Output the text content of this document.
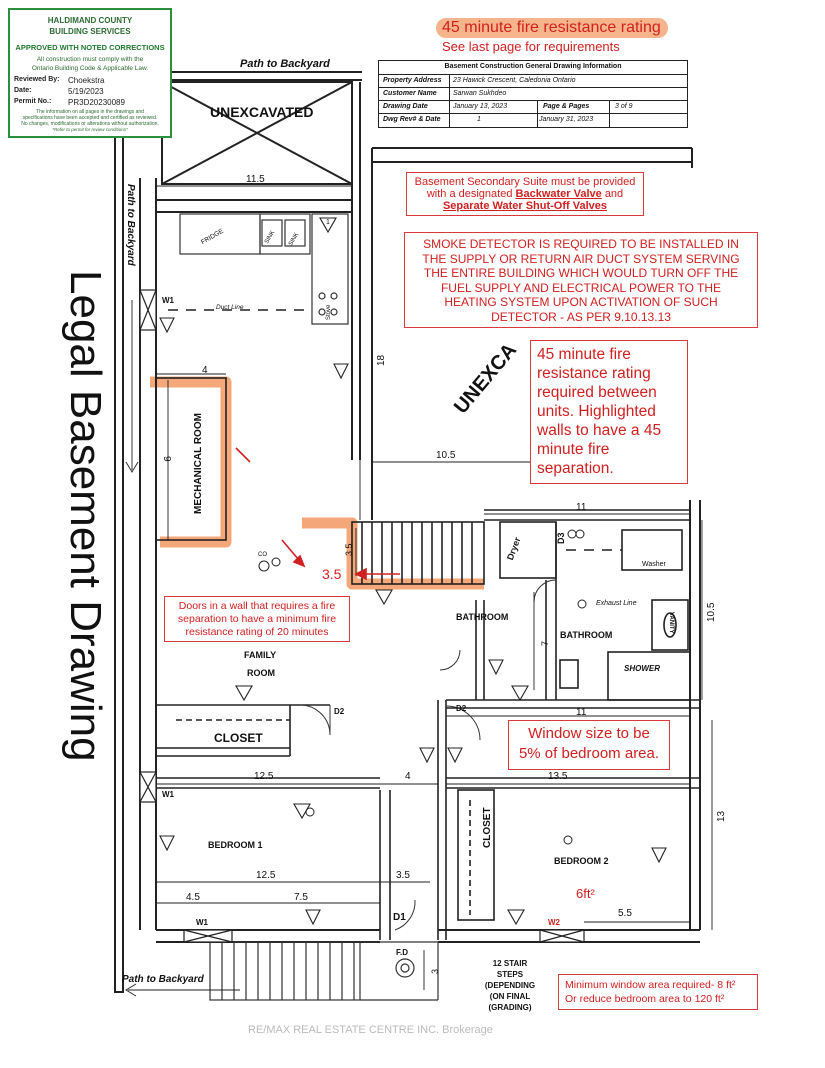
HALDIMAND COUNTY
BUILDING SERVICES
APPROVED WITH NOTED CORRECTIONS
All construction must comply with the
Ontario Building Code & Applicable Law.
Reviewed By: Choekstra
Date:	5/19/2023
Permit No.: PR3D20230089
The information on all pages in the drawings and
specifications have been accepted and certified as reviewed.
No changes, modifications or alterations without authorization.
*Refer to permit for review conditions*
45 minute fire resistance rating
See last page for requirements
Basement Construction General Drawing Information
Property Address 23 Hawick Crescent, Caledonia Ontario
Customer Name Sarwan Sukhdeo
Drawing Date	January 13, 2023	Page & Pages	3 of 9
Dwg Rev# & Date	1	January 31, 2023
Legal Basement Drawing
Basement Secondary Suite must be provided
with a designated Backwater Valve and
Separate Water Shut-Off Valves
SMOKE DETECTOR IS REQUIRED TO BE INSTALLED IN
THE SUPPLY OR RETURN AIR DUCT SYSTEM SERVING
THE ENTIRE BUILDING WHICH WOULD TURN OFF THE
FUEL SUPPLY AND ELECTRICAL POWER TO THE
HEATING SYSTEM UPON ACTIVATION OF SUCH
DETECTOR - AS PER 9.10.13.13
45 minute fire
resistance rating
required between
units. Highlighted
walls to have a 45
minute fire
separation.
Doors in a wall that requires a fire
separation to have a minimum fire
resistance rating of 20 minutes
Window size to be
5% of bedroom area.
Minimum window area required- 8 ft²
Or reduce bedroom area to 120 ft²
Path to Backyard
Path to Backyard
Path to Backyard
UNEXCAVATED
UNEXCA
MECHANICAL ROOM
FAMILY
ROOM
CLOSET
CLOSET
BEDROOM 1
BEDROOM 2
BATHROOM
BATHROOM
SHOWER
VANITY
Washer
Dryer
FRIDGE	SINK SINK
Stove
Duct Line
Exhaust Line
D1
D2	D2
D3
W1
W1
W1	W2
F.D
CO
12 STAIR
STEPS
(DEPENDING
(ON FINAL
(GRADING)
RE/MAX REAL ESTATE CENTRE INC. Brokerage
11.5
18
4
9	10.5
11
3.5
3.5
7
10.5
11
12.5	4	13.5
13
12.5	3.5
4.5	7.5
5.5
3
6ft²
1
